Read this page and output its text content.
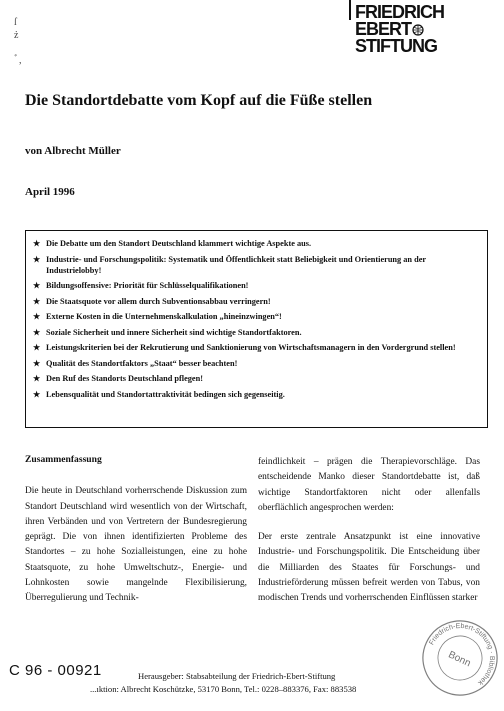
ſ
ż
ﾞ,
FRIEDRICH
EBERT
STIFTUNG
Die Standortdebatte vom Kopf auf die Füße stellen
von Albrecht Müller
April 1996
★ Die Debatte um den Standort Deutschland klammert wichtige Aspekte aus.
★ Industrie- und Forschungspolitik: Systematik und Öffentlichkeit statt Beliebigkeit und Orientierung an der Industrielobby!
★ Bildungsoffensive: Priorität für Schlüsselqualifikationen!
★ Die Staatsquote vor allem durch Subventionsabbau verringern!
★ Externe Kosten in die Unternehmenskalkulation „hineinzwingen“!
★ Soziale Sicherheit und innere Sicherheit sind wichtige Standortfaktoren.
★ Leistungskriterien bei der Rekrutierung und Sanktionierung von Wirtschaftsmanagern in den Vordergrund stellen!
★ Qualität des Standortfaktors „Staat“ besser beachten!
★ Den Ruf des Standorts Deutschland pflegen!
★ Lebensqualität und Standortattraktivität bedingen sich gegenseitig.

Zusammenfassung

Die heute in Deutschland vorherrschende Diskussion zum Standort Deutschland wird wesentlich von der Wirtschaft, ihren Verbänden und von Vertretern der Bundesregierung geprägt. Die von ihnen identifizierten Probleme des Standortes – zu hohe Sozialleistungen, eine zu hohe Staatsquote, zu hohe Umweltschutz-, Energie- und Lohnkosten sowie mangelnde Flexibilisierung, Überregulierung und Technik-

feindlichkeit – prägen die Therapievorschläge. Das entscheidende Manko dieser Standortdebatte ist, daß wichtige Standortfaktoren nicht oder allenfalls oberflächlich angesprochen werden:

Der erste zentrale Ansatzpunkt ist eine innovative Industrie- und Forschungspolitik. Die Entscheidung über die Milliarden des Staates für Forschungs- und Industrieförderung müssen befreit werden von Tabus, von modischen Trends und vorherrschenden Einflüssen starker

C 96 - 00921	Herausgeber: Stabsabteilung der Friedrich-Ebert-Stiftung
...ıktion: Albrecht Koschützke, 53170 Bonn, Tel.: 0228–883376, Fax: 883538
Friedrich-Ebert-Stiftung · Bibliothek
Bonn
